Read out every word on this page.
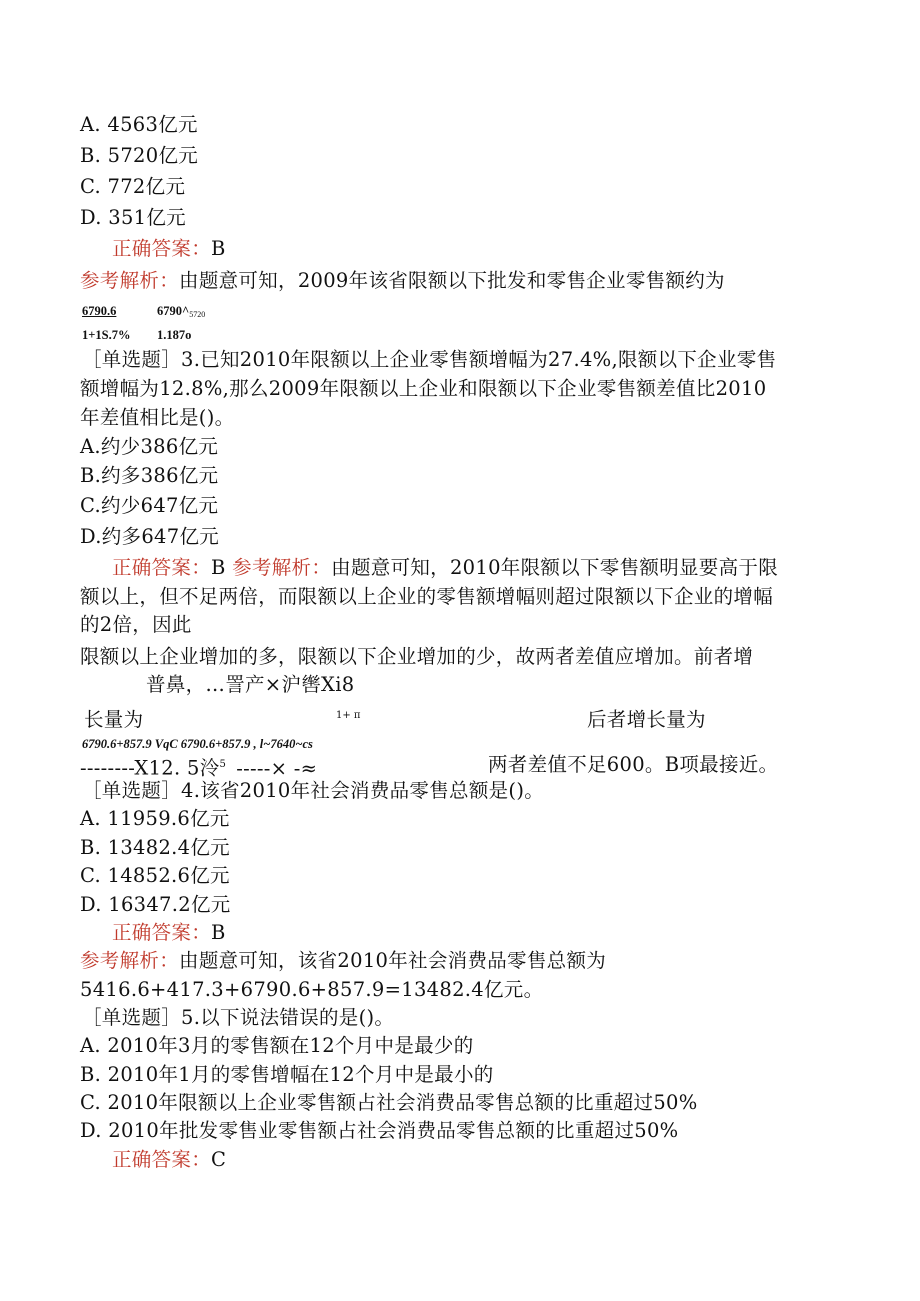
A. 4563亿元
B. 5720亿元
C. 772亿元
D. 351亿元
正确答案：B
参考解析：由题意可知，2009年该省限额以下批发和零售企业零售额约为
6790.6	$6790\^{}_{5720}$
1+1S.7% 1.187o
［单选题］3.已知2010年限额以上企业零售额增幅为27.4%,限额以下企业零售
额增幅为12.8%,那么2009年限额以上企业和限额以下企业零售额差值比2010
年差值相比是()。
A.约少386亿元
B.约多386亿元
C.约少647亿元
D.约多647亿元
正确答案：B 参考解析：由题意可知，2010年限额以下零售额明显要高于限
额以上，但不足两倍，而限额以上企业的零售额增幅则超过限额以下企业的增幅
的2倍，因此
限额以上企业增加的多，限额以下企业增加的少，故两者差值应增加。前者增
普鼻，…詈产×沪辔Xi8
长量为	1+ π	后者增长量为
6790.6+857.9 VqC 6790.6+857.9 , l~7640~cs
--------X12. 5泠$^5$ -----× -≈	两者差值不足600。B项最接近。
［单选题］4.该省2010年社会消费品零售总额是()。
A. 11959.6亿元
B. 13482.4亿元
C. 14852.6亿元
D. 16347.2亿元
正确答案：B
参考解析：由题意可知，该省2010年社会消费品零售总额为
5416.6+417.3+6790.6+857.9=13482.4亿元。
［单选题］5.以下说法错误的是()。
A. 2010年3月的零售额在12个月中是最少的
B. 2010年1月的零售增幅在12个月中是最小的
C. 2010年限额以上企业零售额占社会消费品零售总额的比重超过50%
D. 2010年批发零售业零售额占社会消费品零售总额的比重超过50%
正确答案：C
